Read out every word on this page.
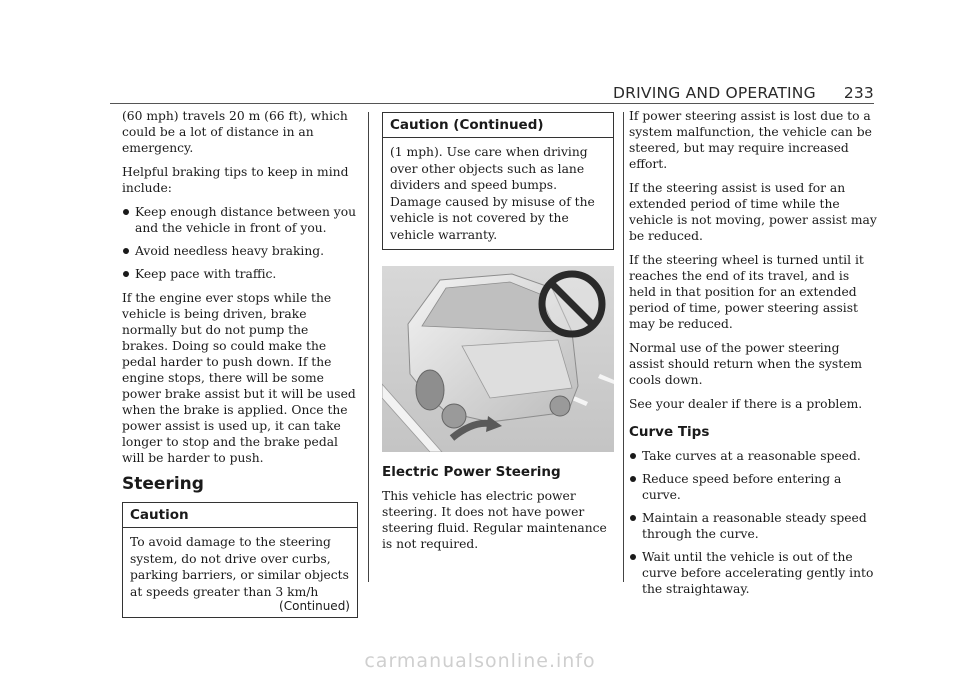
DRIVING AND OPERATING 233

(60 mph) travels 20 m (66 ft), which could be a lot of distance in an emergency.

Helpful braking tips to keep in mind include:

Keep enough distance between you and the vehicle in front of you.
Avoid needless heavy braking.
Keep pace with traffic.

If the engine ever stops while the vehicle is being driven, brake normally but do not pump the brakes. Doing so could make the pedal harder to push down. If the engine stops, there will be some power brake assist but it will be used when the brake is applied. Once the power assist is used up, it can take longer to stop and the brake pedal will be harder to push.

Steering
Caution
To avoid damage to the steering system, do not drive over curbs, parking barriers, or similar objects at speeds greater than 3 km/h
(Continued)
Caution (Continued)
(1 mph). Use care when driving over other objects such as lane dividers and speed bumps. Damage caused by misuse of the vehicle is not covered by the vehicle warranty.
Electric Power Steering

This vehicle has electric power steering. It does not have power steering fluid. Regular maintenance is not required.

If power steering assist is lost due to a system malfunction, the vehicle can be steered, but may require increased effort.

If the steering assist is used for an extended period of time while the vehicle is not moving, power assist may be reduced.

If the steering wheel is turned until it reaches the end of its travel, and is held in that position for an extended period of time, power steering assist may be reduced.

Normal use of the power steering assist should return when the system cools down.

See your dealer if there is a problem.

Curve Tips
Take curves at a reasonable speed.
Reduce speed before entering a curve.
Maintain a reasonable steady speed through the curve.
Wait until the vehicle is out of the curve before accelerating gently into the straightaway.
carmanualsonline.info
